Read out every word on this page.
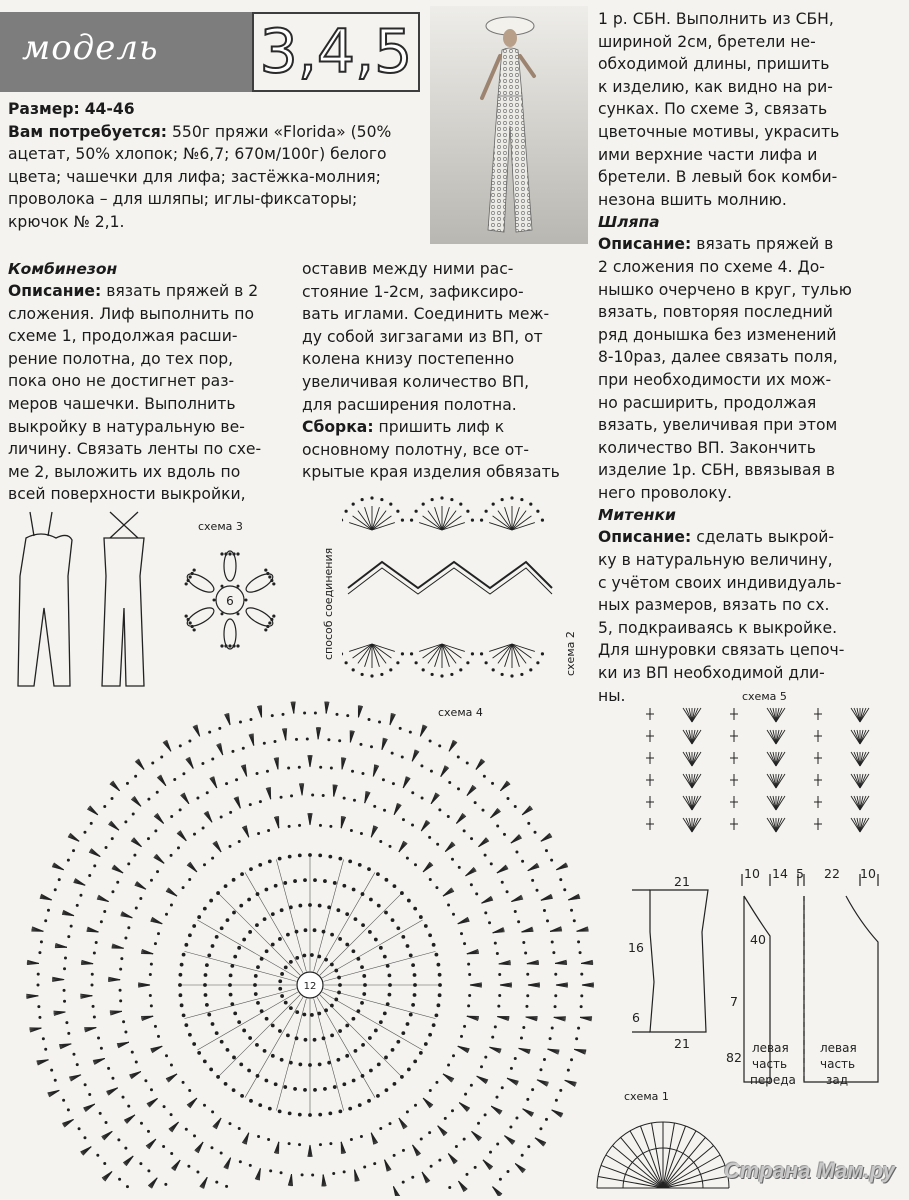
модель 3,4,5
Размер: 44-46
Вам потребуется: 550г пряжи «Florida» (50%
ацетат, 50% хлопок; №6,7; 670м/100г) белого
цвета; чашечки для лифа; застёжка-молния;
проволока – для шляпы; иглы-фиксаторы;
крючок № 2,1.
1 р. СБН. Выполнить из СБН,
шириной 2см, бретели не-
обходимой длины, пришить
к изделию, как видно на ри-
сунках. По схеме 3, связать
цветочные мотивы, украсить
ими верхние части лифа и
бретели. В левый бок комби-
незона вшить молнию.
Шляпа
Описание: вязать пряжей в
2 сложения по схеме 4. До-
нышко очерчено в круг, тулью
вязать, повторяя последний
ряд донышка без изменений
8-10раз, далее связать поля,
при необходимости их мож-
но расширить, продолжая
вязать, увеличивая при этом
количество ВП. Закончить
изделие 1р. СБН, ввязывая в
него проволоку.
Митенки
Описание: сделать выкрой-
ку в натуральную величину,
с учётом своих индивидуаль-
ных размеров, вязать по сх.
5, подкраиваясь к выкройке.
Для шнуровки связать цепоч-
ки из ВП необходимой дли-
ны.
Комбинезон
Описание: вязать пряжей в 2
сложения. Лиф выполнить по
схеме 1, продолжая расши-
рение полотна, до тех пор,
пока оно не достигнет раз-
меров чашечки. Выполнить
выкройку в натуральную ве-
личину. Связать ленты по схе-
ме 2, выложить их вдоль по
всей поверхности выкройки,
оставив между ними рас-
стояние 1-2см, зафиксиро-
вать иглами. Соединить меж-
ду собой зигзагами из ВП, от
колена книзу постепенно
увеличивая количество ВП,
для расширения полотна.
Сборка: пришить лиф к
основному полотну, все от-
крытые края изделия обвязать
схема 3
6	способ соединения	схема 2
схема 4
12
схема 5
21
16
6
21
10 14 5 22 10
40
7
82
левая
часть
переда
левая
часть
зад
схема 1
Страна Мам.ру
